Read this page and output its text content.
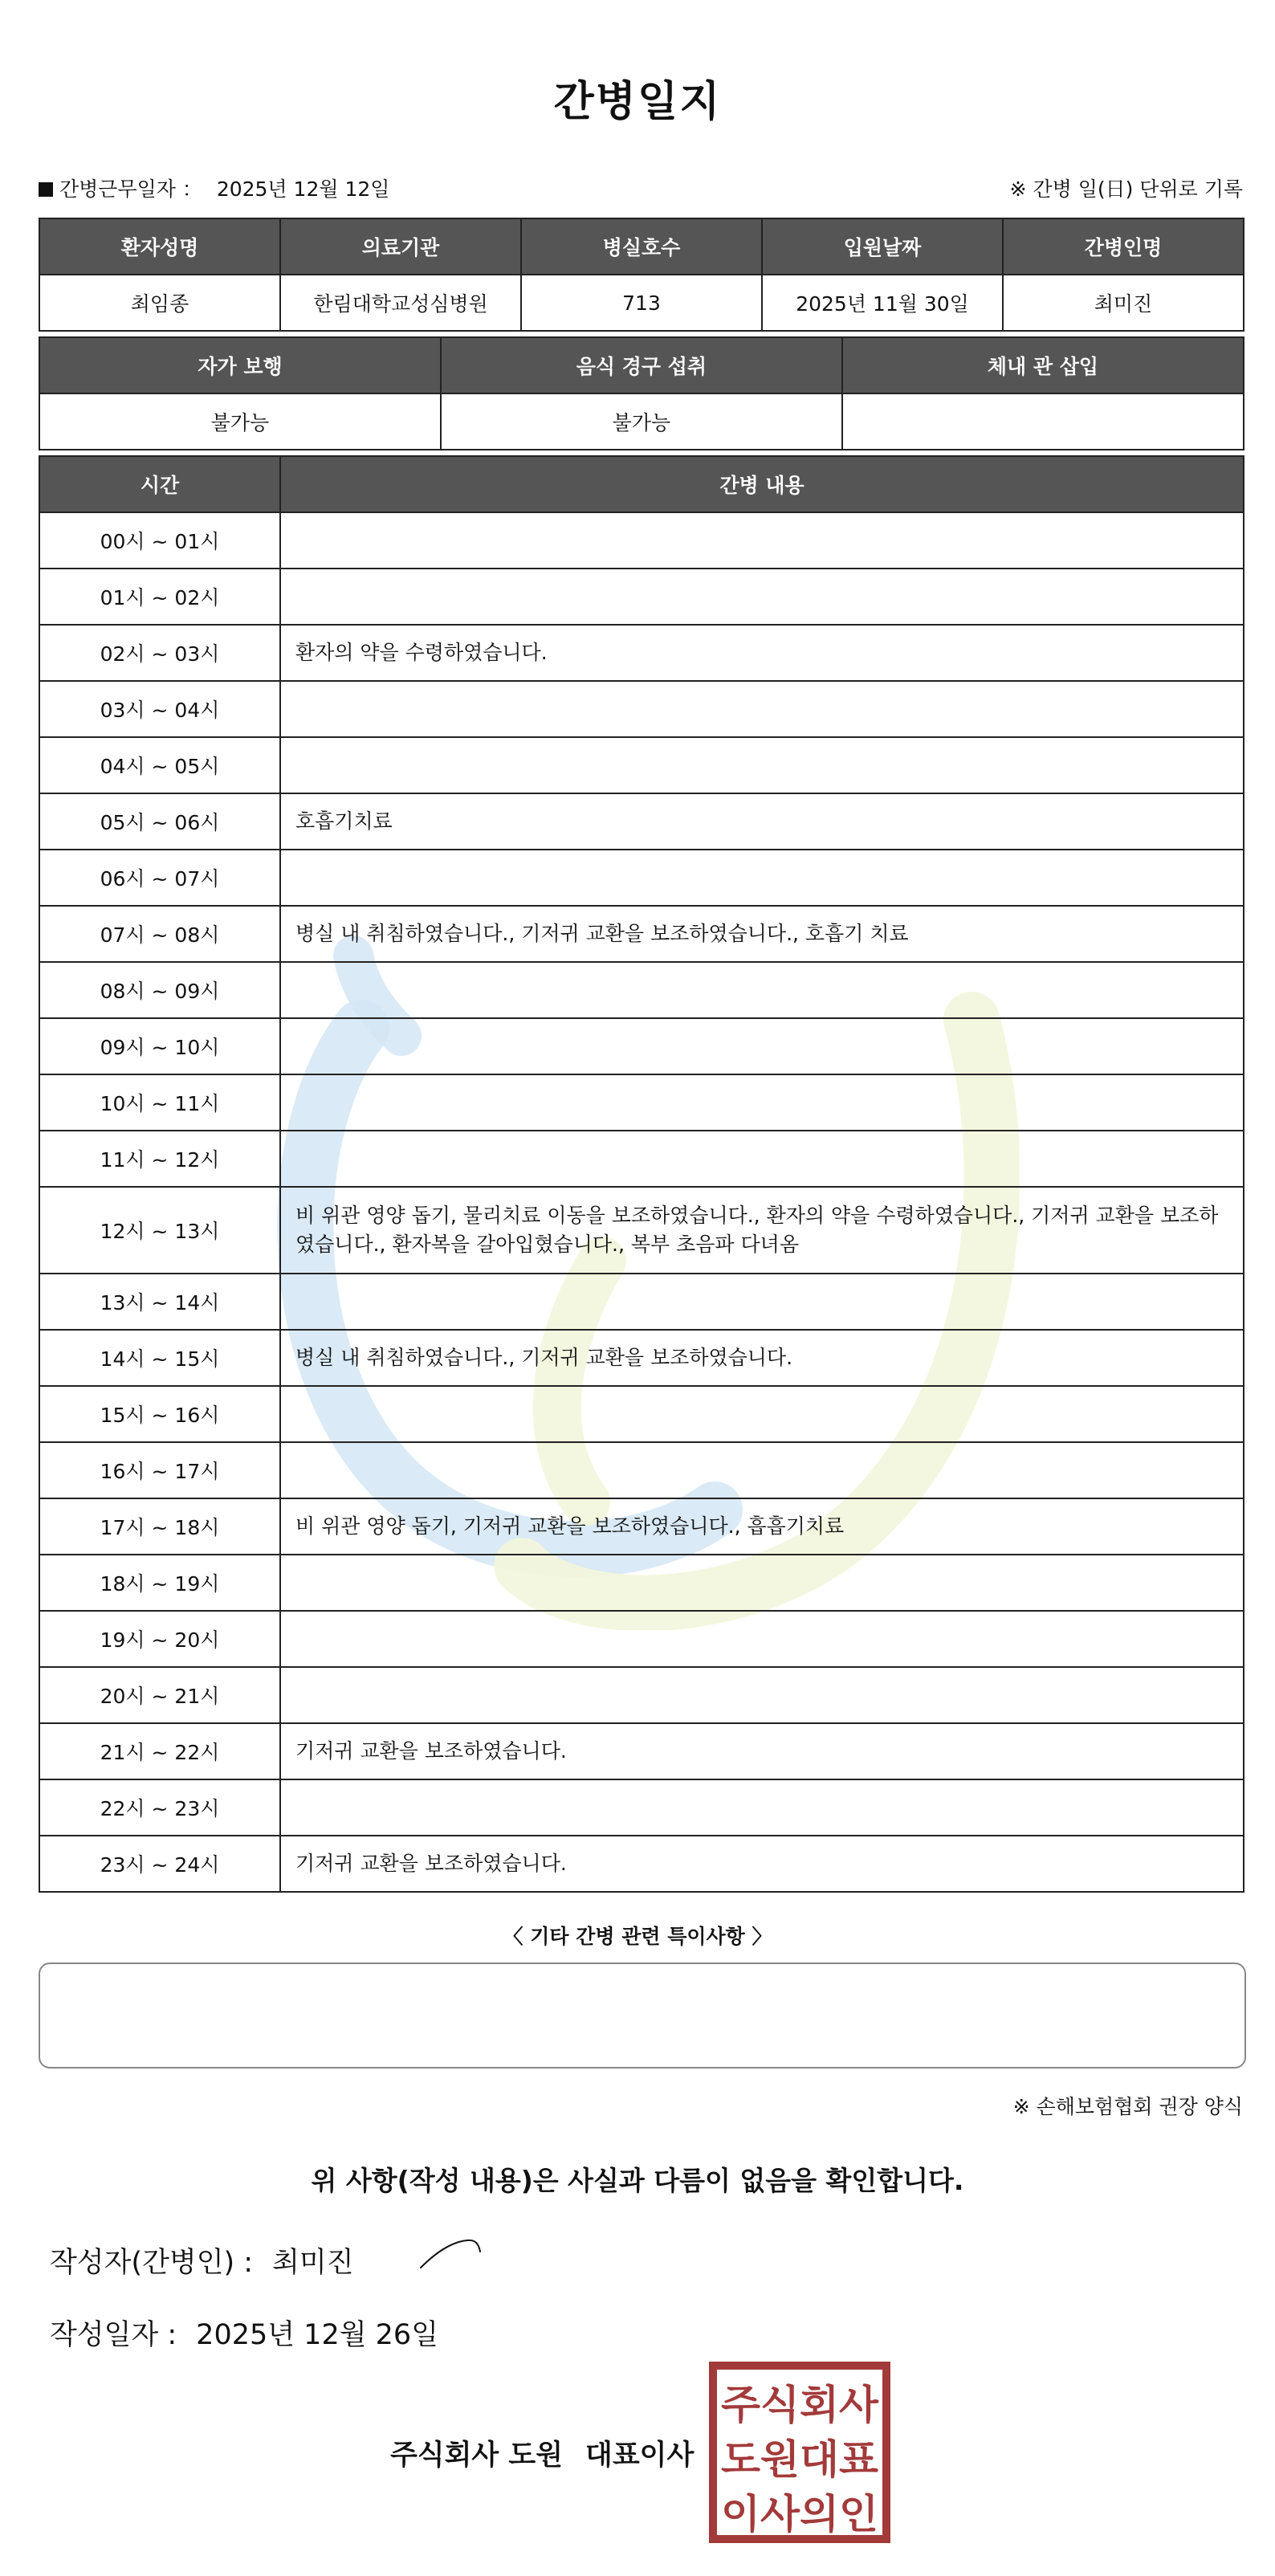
간병일지
간병근무일자 ： 2025년 12월 12일	※ 간병 일(日) 단위로 기록
환자성명	의료기관	병실호수	입원날짜	간병인명
최임종	한림대학교성심병원	713	2025년 11월 30일	최미진
자가 보행	음식 경구 섭취	체내 관 삽입
불가능	불가능	
시간	간병 내용
00시 ~ 01시	
01시 ~ 02시	
02시 ~ 03시	환자의 약을 수령하였습니다.
03시 ~ 04시	
04시 ~ 05시	
05시 ~ 06시	호흡기치료
06시 ~ 07시	
07시 ~ 08시	병실 내 취침하였습니다., 기저귀 교환을 보조하였습니다., 호흡기 치료
08시 ~ 09시	
09시 ~ 10시	
10시 ~ 11시	
11시 ~ 12시	
12시 ~ 13시	비 위관 영양 돕기, 물리치료 이동을 보조하였습니다., 환자의 약을 수령하였습니다., 기저귀 교환을 보조하였습니다., 환자복을 갈아입혔습니다., 복부 초음파 다녀옴
13시 ~ 14시	
14시 ~ 15시	병실 내 취침하였습니다., 기저귀 교환을 보조하였습니다.
15시 ~ 16시	
16시 ~ 17시	
17시 ~ 18시	비 위관 영양 돕기, 기저귀 교환을 보조하였습니다., 흡흡기치료
18시 ~ 19시	
19시 ~ 20시	
20시 ~ 21시	
21시 ~ 22시	기저귀 교환을 보조하였습니다.
22시 ~ 23시	
23시 ~ 24시	기저귀 교환을 보조하였습니다.
〈 기타 간병 관련 특이사항 〉
※ 손해보험협회 권장 양식
위 사항(작성 내용)은 사실과 다름이 없음을 확인합니다.
작성자(간병인) : 최미진
작성일자 : 2025년 12월 26일
주식회사 도원 대표이사
주식회사
도원대표
이사의인
